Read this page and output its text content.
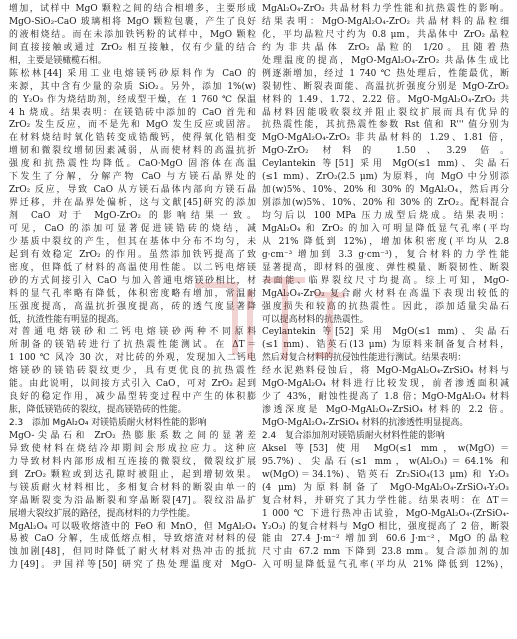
增加，试样中 MgO 颗粒之间的结合相增多，主要形成
MgO-SiO₂-CaO 玻璃相将 MgO 颗粒包裹，产生了良好
的液相烧结。而在未添加铁钙粉的试样中，MgO 颗粒
间直接接触或通过 ZrO₂ 相互接触，仅有少量的结合
相，主要是镁橄榄石相。
陈松林[44] 采用工业电熔镁钙砂原料作为 CaO 的
来源，其中含有少量的杂质 SiO₂。另外，添加 1%(w)
的 Y₂O₃ 作为烧结助剂，经成型干燥，在 1 760 ℃ 保温
4 h 烧成。结果表明：在镁锆砖中添加的 CaO 首先和
ZrO₂ 发生反应，而不是先和 MgO 发生反应或固溶。
在材料烧结时氧化锆转变成锆酸钙，使得氧化锆相变
增韧和微裂纹增韧因素减弱，从而使材料的高温抗折
强度和抗热震性均降低。CaO·MgO 固溶体在高温
下发生了分解，分解产物 CaO 与方镁石晶界处的
ZrO₂ 反应，导致 CaO 从方镁石晶体内部向方镁石晶
界迁移，并在晶界处偏析，这与文献[45]研究的添加
剂 CaO 对于 MgO-ZrO₂ 的影响结果一致。
可见，CaO 的添加可显著促进镁锆砖的烧结，减
少基质中裂纹的产生，但其在基体中分布不均匀，未
起到有效稳定 ZrO₂ 的作用。虽然添加铁钙提高了致
密度，但降低了材料的高温使用性能。以二钙电熔镁
砂的方式间接引入 CaO 与加入普通电熔镁砂相比，材
料的显气孔率略有降低，体积密度略有增加，常温耐
压强度提高，高温抗折强度提高，砖的透气度显著降
低，抗渣性能有明显的提高。
对普通电熔镁砂和二钙电熔镁砂两种不同原料
所制备的镁锆砖进行了抗热震性能测试。在 ΔT＝
1 100 ℃ 风冷 30 次，对比砖的外观，发现加入二钙电
熔镁砂的镁锆砖裂纹更少，具有更优良的抗热震性
能。由此说明，以间接方式引入 CaO，可对 ZrO₂ 起到
良好的稳定作用，减少晶型转变过程中产生的体积膨
胀，降低镁锆砖的裂纹，提高镁锆砖的性能。
2.3　添加 MgAl₂O₄ 对镁锆质耐火材料性能的影响
MgO-尖晶石和 ZrO₂ 热膨胀系数之间的显著差
异致使材料在烧结冷却期间会形成拉应力。这种应
力导致材料内部形成相互连接的微裂纹，微裂纹扩展
到 ZrO₂ 颗粒或到达孔隙时被阻止，起到增韧效果。
与镁质耐火材料相比，多相复合材料的断裂由单一的
穿晶断裂变为沿晶断裂和穿晶断裂[47]。裂纹沿晶扩
展增大裂纹扩展的路径，提高材料的力学性能。
MgAl₂O₄ 可以吸收熔渣中的 FeO 和 MnO，但 MgAl₂O₄
易被 CaO 分解，生成低熔点相，导致熔渣对材料的侵
蚀加剧[48]，但同时降低了耐火材料对热冲击的抵抗
力[49]。尹国祥等[50] 研究了热处理温度对 MgO-
MgAl₂O₄-ZrO₂ 共晶材料力学性能和抗热震性的影响。
结果表明：MgO-MgAl₂O₄-ZrO₂ 共晶材料的晶粒细
化，平均晶粒尺寸约为 0.8 μm，共晶体中 ZrO₂ 晶粒
约为非共晶体 ZrO₂ 晶粒的 1/20。且随着热
处理温度的提高，MgO-MgAl₂O₄-ZrO₂ 共晶体生成比
例逐渐增加，经过 1 740 ℃ 热处理后，性能最优，断
裂韧性、断裂表面能、高温抗折强度分别是 MgO-ZrO₂
材料的 1.49、1.72、2.22 倍。MgO-MgAl₂O₄-ZrO₂ 共
晶材料因能吸收裂纹并阻止裂纹扩展而具有优异的
抗热震性能，其抗热震性参数 Rst 值和 R''' 值分别为
MgO-MgAl₂O₄-ZrO₂ 非共晶材料的 1.29、1.81 倍，
MgO-ZrO₂ 材料的 1.50、3.29 倍。
Ceylantekin 等[51] 采用 MgO(≤1 mm)、尖晶石
(≤1 mm)、ZrO₂(2.5 μm) 为原料，向 MgO 中分别添
加(w)5%、10%、20% 和 30% 的 MgAl₂O₄，然后再分
别添加(w)5%、10%、20% 和 30% 的 ZrO₂。配料混合
均匀后以 100 MPa 压力成型后烧成。结果表明：
MgAl₂O₄ 和 ZrO₂ 的加入可明显降低显气孔率(平均
从 21% 降低到 12%)，增加体积密度(平均从 2.8
g·cm⁻³ 增加到 3.3 g·cm⁻³)，复合材料的力学性能
显著提高，即材料的强度、弹性模量、断裂韧性、断裂
表面能、临界裂纹尺寸均提高。综上可知，MgO-
MgAl₂O₄-ZrO₂ 复合耐火材料在高温下表现出较低的
强度损失和较高的抗热震性。因此，添加适量尖晶石
可以提高材料的抗热震性。
Ceylantekin 等[52] 采用 MgO(≤1 mm)、尖晶石
(≤1 mm)、锆英石(13 μm) 为原料来制备复合材料，
然后对复合材料的抗侵蚀性能进行测试。结果表明：
经水泥熟料侵蚀后，将 MgO-MgAl₂O₄-ZrSiO₄ 材料与
MgO-MgAl₂O₄ 材料进行比较发现，前者渗透面积减
少了 43%，耐蚀性提高了 1.8 倍；MgO-MgAl₂O₄ 材料
渗透深度是 MgO-MgAl₂O₄-ZrSiO₄ 材料的 2.2 倍。
MgO-MgAl₂O₄-ZrSiO₄ 材料的抗渗透性明显提高。
2.4　复合添加剂对镁锆质耐火材料性能的影响
Aksel 等[53] 使用 MgO(≤1 mm，w(MgO)＝
95.7%)、尖晶石(≤1 mm，w(Al₂O₃)＝64.1% 和
w(MgO)＝34.1%)、锆英石 Zr₂SiO₄(13 μm) 和 Y₂O₃
(4 μm) 为原料制备了 MgO-MgAl₂O₄-ZrSiO₄-Y₂O₃
复合材料，并研究了其力学性能。结果表明：在 ΔT＝
1 000 ℃ 下进行热冲击试验，MgO-MgAl₂O₄-(ZrSiO₄-
Y₂O₃) 的复合材料与 MgO 相比，强度提高了 2 倍，断裂
能由 27.4 J·m⁻² 增加到 60.6 J·m⁻²，MgO 的晶粒
尺寸由 67.2 mm 下降到 23.8 mm。复合添加剂的加
入可明显降低显气孔率(平均从 21% 降低到 12%)，
